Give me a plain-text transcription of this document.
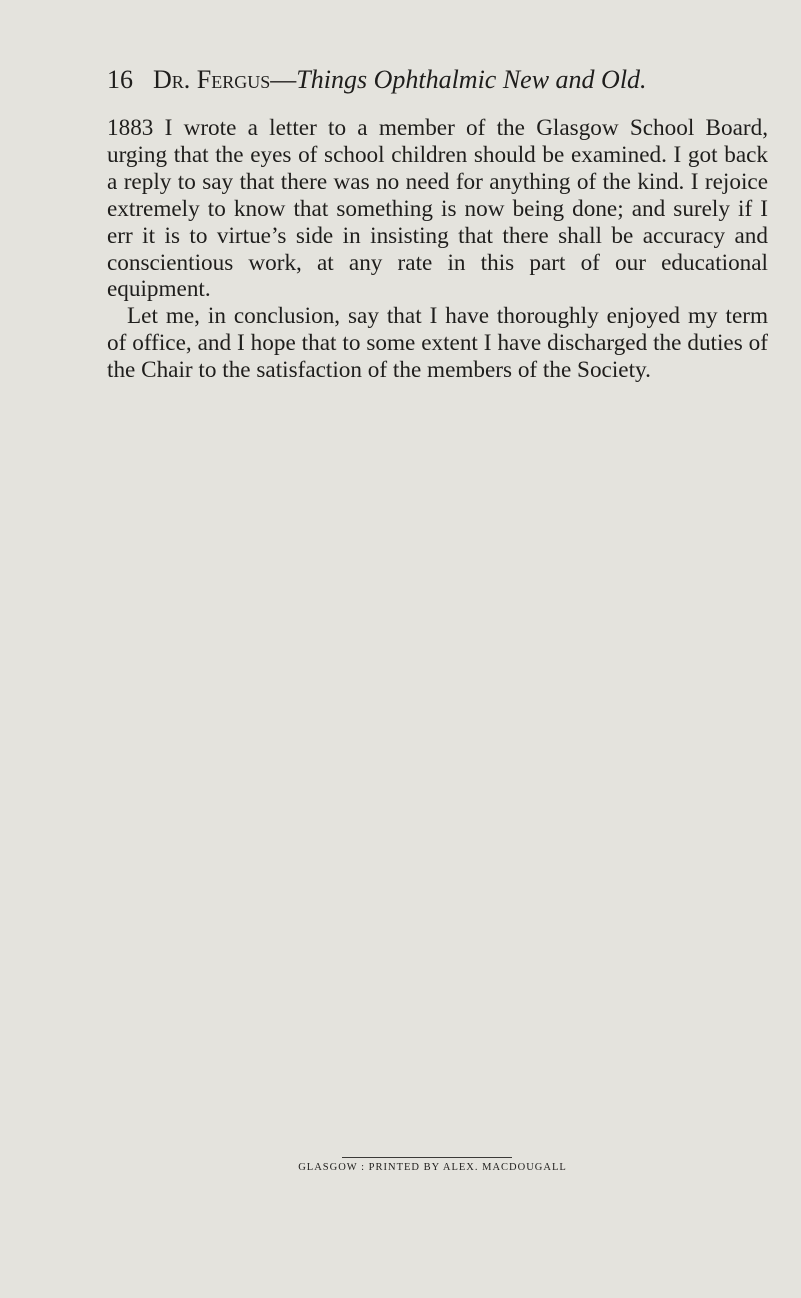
16 Dr. Fergus—Things Ophthalmic New and Old.

1883 I wrote a letter to a member of the Glasgow School Board, urging that the eyes of school children should be examined. I got back a reply to say that there was no need for anything of the kind. I rejoice extremely to know that something is now being done; and surely if I err it is to virtue’s side in insisting that there shall be accuracy and conscientious work, at any rate in this part of our educational equipment.

Let me, in conclusion, say that I have thoroughly enjoyed my term of office, and I hope that to some extent I have discharged the duties of the Chair to the satisfaction of the members of the Society.

GLASGOW : PRINTED BY ALEX. MACDOUGALL
